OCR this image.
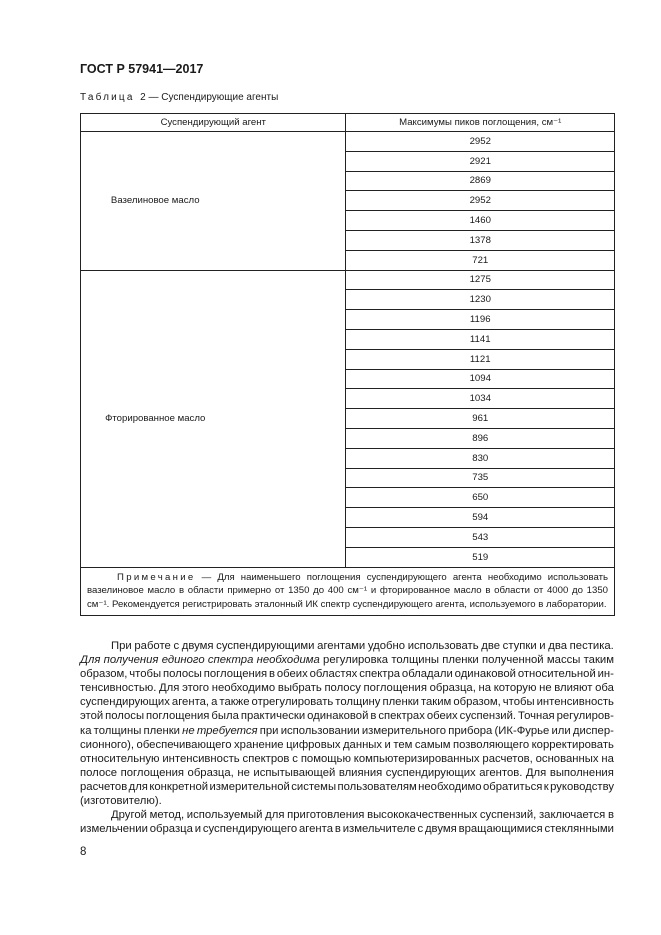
ГОСТ Р 57941—2017
Таблица 2 — Суспендирующие агенты
Суспендирующий агент	Максимумы пиков поглощения, см⁻¹

Вазелиновое масло	2952
	2921
	2869
	2952
	1460
	1378
	721

Фторированное масло	1275
	1230
	1196
	1141
	1121
	1094
	1034
	961
	896
	830
	735
	650
	594
	543
	519
Примечание — Для наименьшего поглощения суспендирующего агента необходимо использовать вазелиновое масло в области примерно от 1350 до 400 см⁻¹ и фторированное масло в области от 4000 до 1350 см⁻¹. Рекомендуется регистрировать эталонный ИК спектр суспендирующего агента, используемого в лаборатории.	
При работе с двумя суспендирующими агентами удобно использовать две ступки и два пестика.
Для получения единого спектра необходима регулировка толщины пленки полученной массы таким
образом, чтобы полосы поглощения в обеих областях спектра обладали одинаковой относительной ин-
тенсивностью. Для этого необходимо выбрать полосу поглощения образца, на которую не влияют оба
суспендирующих агента, а также отрегулировать толщину пленки таким образом, чтобы интенсивность
этой полосы поглощения была практически одинаковой в спектрах обеих суспензий. Точная регулиров-
ка толщины пленки не требуется при использовании измерительного прибора (ИК-Фурье или диспер-
сионного), обеспечивающего хранение цифровых данных и тем самым позволяющего корректировать
относительную интенсивность спектров с помощью компьютеризированных расчетов, основанных на
полосе поглощения образца, не испытывающей влияния суспендирующих агентов. Для выполнения
расчетов для конкретной измерительной системы пользователям необходимо обратиться к руководству
(изготовителю).
Другой метод, используемый для приготовления высококачественных суспензий, заключается в
измельчении образца и суспендирующего агента в измельчителе с двумя вращающимися стеклянными
8
